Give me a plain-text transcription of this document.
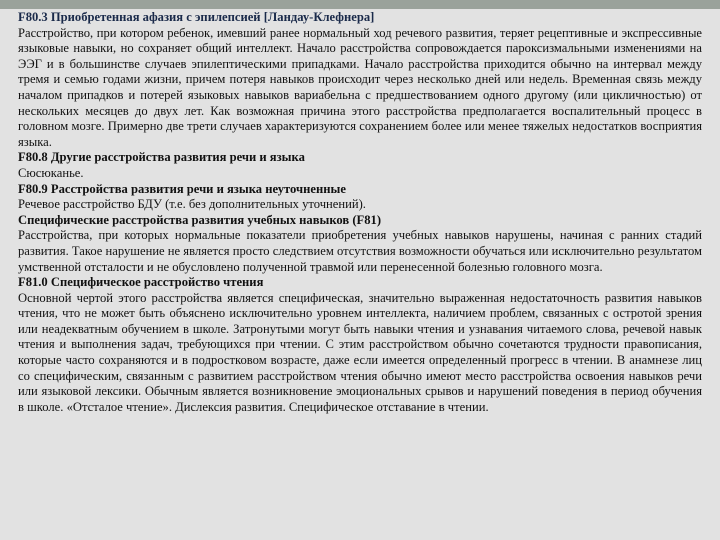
F80.3 Приобретенная афазия с эпилепсией [Ландау-Клефнера]

Расстройство, при котором ребенок, имевший ранее нормальный ход речевого развития, теряет рецептивные и экспрессивные языковые навыки, но сохраняет общий интеллект. Начало расстройства сопровождается пароксизмальными изменениями на ЭЭГ и в большинстве случаев эпилептическими припадками. Начало расстройства приходится обычно на интервал между тремя и семью годами жизни, причем потеря навыков происходит через несколько дней или недель. Временная связь между началом припадков и потерей языковых навыков вариабельна с предшествованием одного другому (или цикличностью) от нескольких месяцев до двух лет. Как возможная причина этого расстройства предполагается воспалительный процесс в головном мозге. Примерно две трети случаев характеризуются сохранением более или менее тяжелых недостатков восприятия языка.

F80.8 Другие расстройства развития речи и языка

Сюсюканье.

F80.9 Расстройства развития речи и языка неуточненные

Речевое расстройство БДУ (т.е. без дополнительных уточнений).

Специфические расстройства развития учебных навыков (F81)

Расстройства, при которых нормальные показатели приобретения учебных навыков нарушены, начиная с ранних стадий развития. Такое нарушение не является просто следствием отсутствия возможности обучаться или исключительно результатом умственной отсталости и не обусловлено полученной травмой или перенесенной болезнью головного мозга.

F81.0 Специфическое расстройство чтения

Основной чертой этого расстройства является специфическая, значительно выраженная недостаточность развития навыков чтения, что не может быть объяснено исключительно уровнем интеллекта, наличием проблем, связанных с остротой зрения или неадекватным обучением в школе. Затронутыми могут быть навыки чтения и узнавания читаемого слова, речевой навык чтения и выполнения задач, требующихся при чтении. С этим расстройством обычно сочетаются трудности правописания, которые часто сохраняются и в подростковом возрасте, даже если имеется определенный прогресс в чтении. В анамнезе лиц со специфическим, связанным с развитием расстройством чтения обычно имеют место расстройства освоения навыков речи или языковой лексики. Обычным является возникновение эмоциональных срывов и нарушений поведения в период обучения в школе. «Отсталое чтение». Дислексия развития. Специфическое отставание в чтении.
